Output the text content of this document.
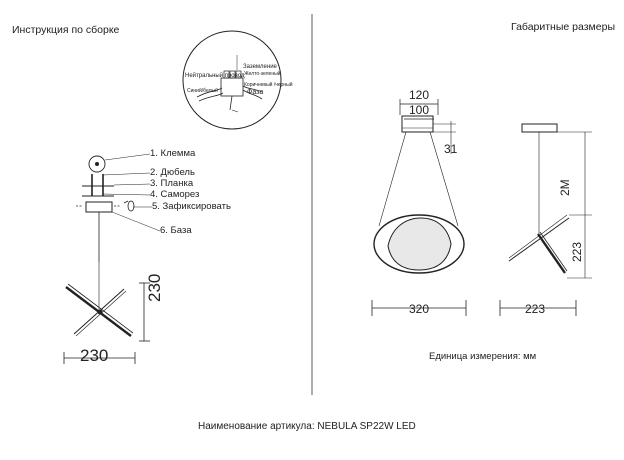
Инструкция по сборке	Габаритные размеры
Нейтральный провод
Синий/белый
Заземление
Желто-зеленый
Коричневый /черный
Фаза
1. Клемма
2. Дюбель
3. Планка
4. Саморез
5. Зафиксировать
6. База
230
230
120
100
31
2M
223
320	223
Единица измерения: мм
Наименование артикула: NEBULA SP22W LED
